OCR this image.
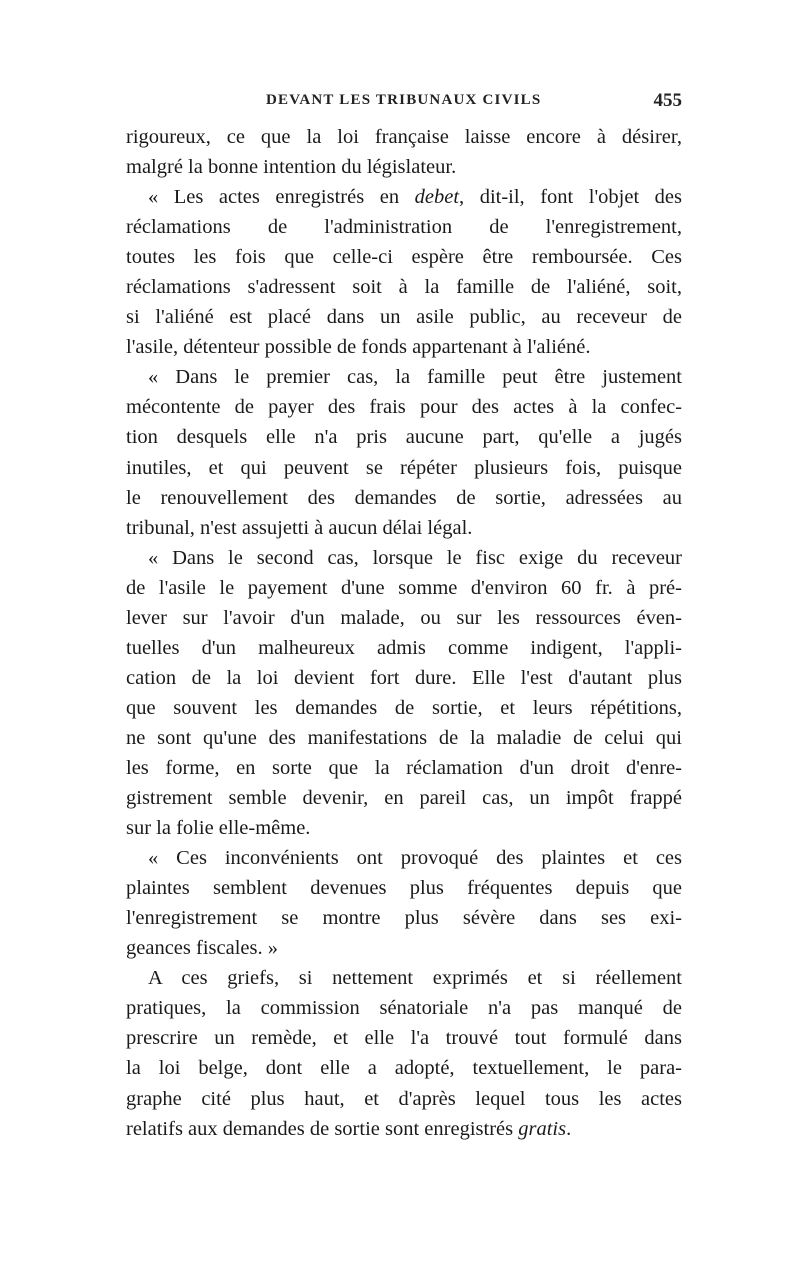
DEVANT LES TRIBUNAUX CIVILS	455
rigoureux, ce que la loi française laisse encore à désirer,
malgré la bonne intention du législateur.
« Les actes enregistrés en debet, dit-il, font l'objet des
réclamations de l'administration de l'enregistrement,
toutes les fois que celle-ci espère être remboursée. Ces
réclamations s'adressent soit à la famille de l'aliéné, soit,
si l'aliéné est placé dans un asile public, au receveur de
l'asile, détenteur possible de fonds appartenant à l'aliéné.
« Dans le premier cas, la famille peut être justement
mécontente de payer des frais pour des actes à la confec-
tion desquels elle n'a pris aucune part, qu'elle a jugés
inutiles, et qui peuvent se répéter plusieurs fois, puisque
le renouvellement des demandes de sortie, adressées au
tribunal, n'est assujetti à aucun délai légal.
« Dans le second cas, lorsque le fisc exige du receveur
de l'asile le payement d'une somme d'environ 60 fr. à pré-
lever sur l'avoir d'un malade, ou sur les ressources éven-
tuelles d'un malheureux admis comme indigent, l'appli-
cation de la loi devient fort dure. Elle l'est d'autant plus
que souvent les demandes de sortie, et leurs répétitions,
ne sont qu'une des manifestations de la maladie de celui qui
les forme, en sorte que la réclamation d'un droit d'enre-
gistrement semble devenir, en pareil cas, un impôt frappé
sur la folie elle-même.
« Ces inconvénients ont provoqué des plaintes et ces
plaintes semblent devenues plus fréquentes depuis que
l'enregistrement se montre plus sévère dans ses exi-
geances fiscales. »
A ces griefs, si nettement exprimés et si réellement
pratiques, la commission sénatoriale n'a pas manqué de
prescrire un remède, et elle l'a trouvé tout formulé dans
la loi belge, dont elle a adopté, textuellement, le para-
graphe cité plus haut, et d'après lequel tous les actes
relatifs aux demandes de sortie sont enregistrés gratis.
